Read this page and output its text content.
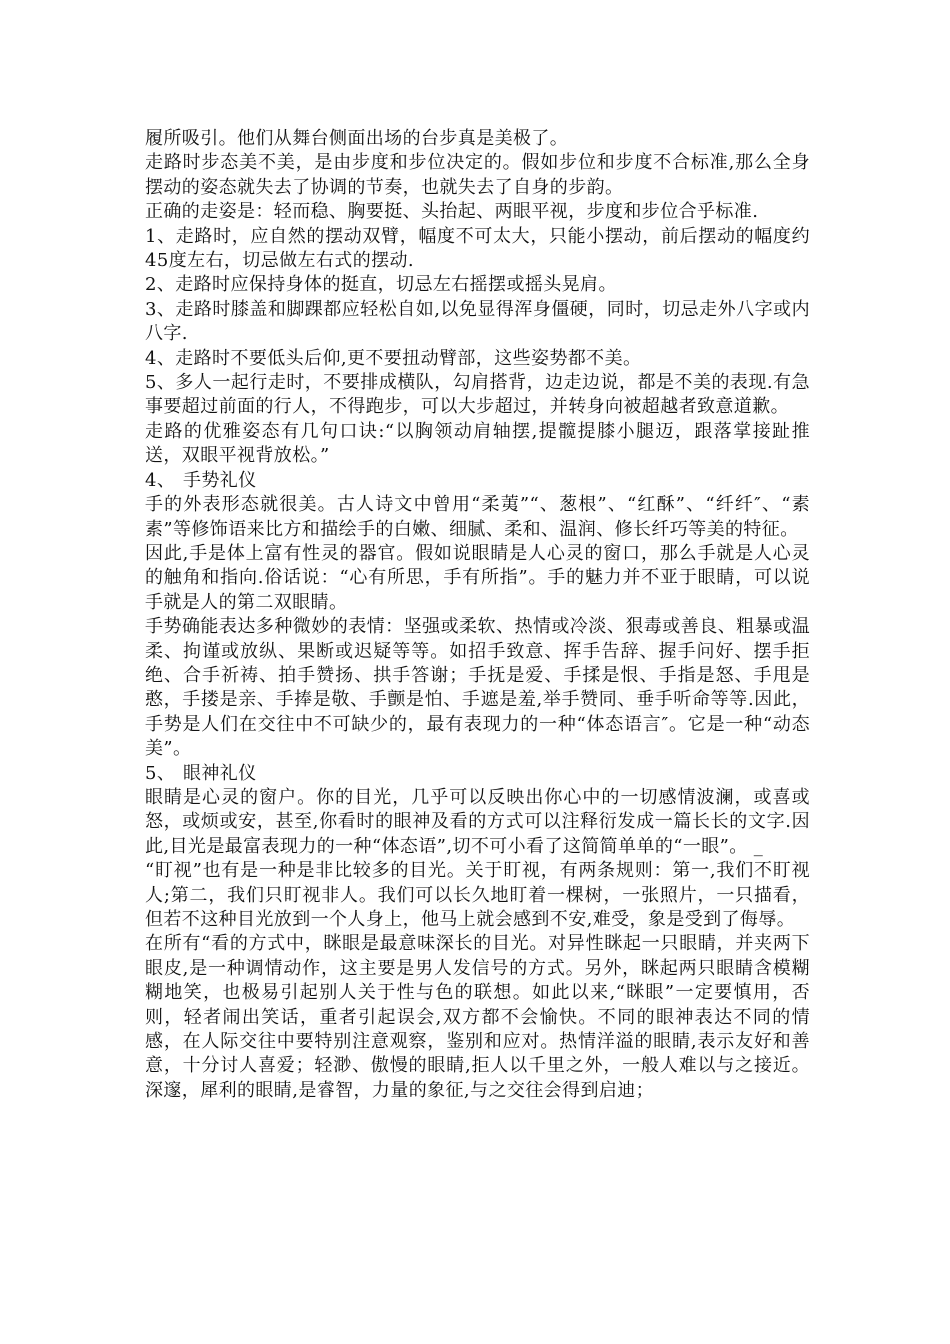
履所吸引。他们从舞台侧面出场的台步真是美极了。

走路时步态美不美，是由步度和步位决定的。假如步位和步度不合标准,那么全身摆动的姿态就失去了协调的节奏，也就失去了自身的步韵。

正确的走姿是：轻而稳、胸要挺、头抬起、两眼平视，步度和步位合乎标准.

1、走路时，应自然的摆动双臂，幅度不可太大，只能小摆动，前后摆动的幅度约45度左右，切忌做左右式的摆动.

2、走路时应保持身体的挺直，切忌左右摇摆或摇头晃肩。

3、走路时膝盖和脚踝都应轻松自如,以免显得浑身僵硬，同时，切忌走外八字或内八字.

4、走路时不要低头后仰,更不要扭动臂部，这些姿势都不美。

5、多人一起行走时，不要排成横队，勾肩搭背，边走边说，都是不美的表现.有急事要超过前面的行人，不得跑步，可以大步超过，并转身向被超越者致意道歉。

走路的优雅姿态有几句口诀:“以胸领动肩轴摆,提髋提膝小腿迈，跟落掌接趾推送，双眼平视背放松。”

4、 手势礼仪

手的外表形态就很美。古人诗文中曾用“柔荑”“、葱根”、“红酥”、“纤纤″、“素素”等修饰语来比方和描绘手的白嫩、细腻、柔和、温润、修长纤巧等美的特征。

因此,手是体上富有性灵的器官。假如说眼睛是人心灵的窗口，那么手就是人心灵的触角和指向.俗话说：“心有所思，手有所指”。手的魅力并不亚于眼睛，可以说手就是人的第二双眼睛。

手势确能表达多种微妙的表情：坚强或柔软、热情或冷淡、狠毒或善良、粗暴或温柔、拘谨或放纵、果断或迟疑等等。如招手致意、挥手告辞、握手问好、摆手拒绝、合手祈祷、拍手赞扬、拱手答谢；手抚是爱、手揉是恨、手指是怒、手甩是憨，手搂是亲、手捧是敬、手颤是怕、手遮是羞,举手赞同、垂手听命等等.因此，手势是人们在交往中不可缺少的，最有表现力的一种“体态语言″。它是一种“动态美”。

5、 眼神礼仪

眼睛是心灵的窗户。你的目光，几乎可以反映出你心中的一切感情波澜，或喜或怒，或烦或安，甚至,你看时的眼神及看的方式可以注释衍发成一篇长长的文字.因此,目光是最富表现力的一种“体态语”,切不可小看了这简简单单的“一眼”。 _

“盯视”也有是一种是非比较多的目光。关于盯视，有两条规则：第一,我们不盯视人;第二，我们只盯视非人。我们可以长久地盯着一棵树，一张照片，一只描看，但若不这种目光放到一个人身上，他马上就会感到不安,难受，象是受到了侮辱。

在所有“看的方式中，眯眼是最意味深长的目光。对异性眯起一只眼睛，并夹两下眼皮,是一种调情动作，这主要是男人发信号的方式。另外，眯起两只眼睛含模糊糊地笑，也极易引起别人关于性与色的联想。如此以来,“眯眼”一定要慎用，否则，轻者闹出笑话，重者引起误会,双方都不会愉快。不同的眼神表达不同的情感，在人际交往中要特别注意观察，鉴别和应对。热情洋溢的眼睛,表示友好和善意，十分讨人喜爱；轻渺、傲慢的眼睛,拒人以千里之外，一般人难以与之接近。深邃，犀利的眼睛,是睿智，力量的象征,与之交往会得到启迪；
